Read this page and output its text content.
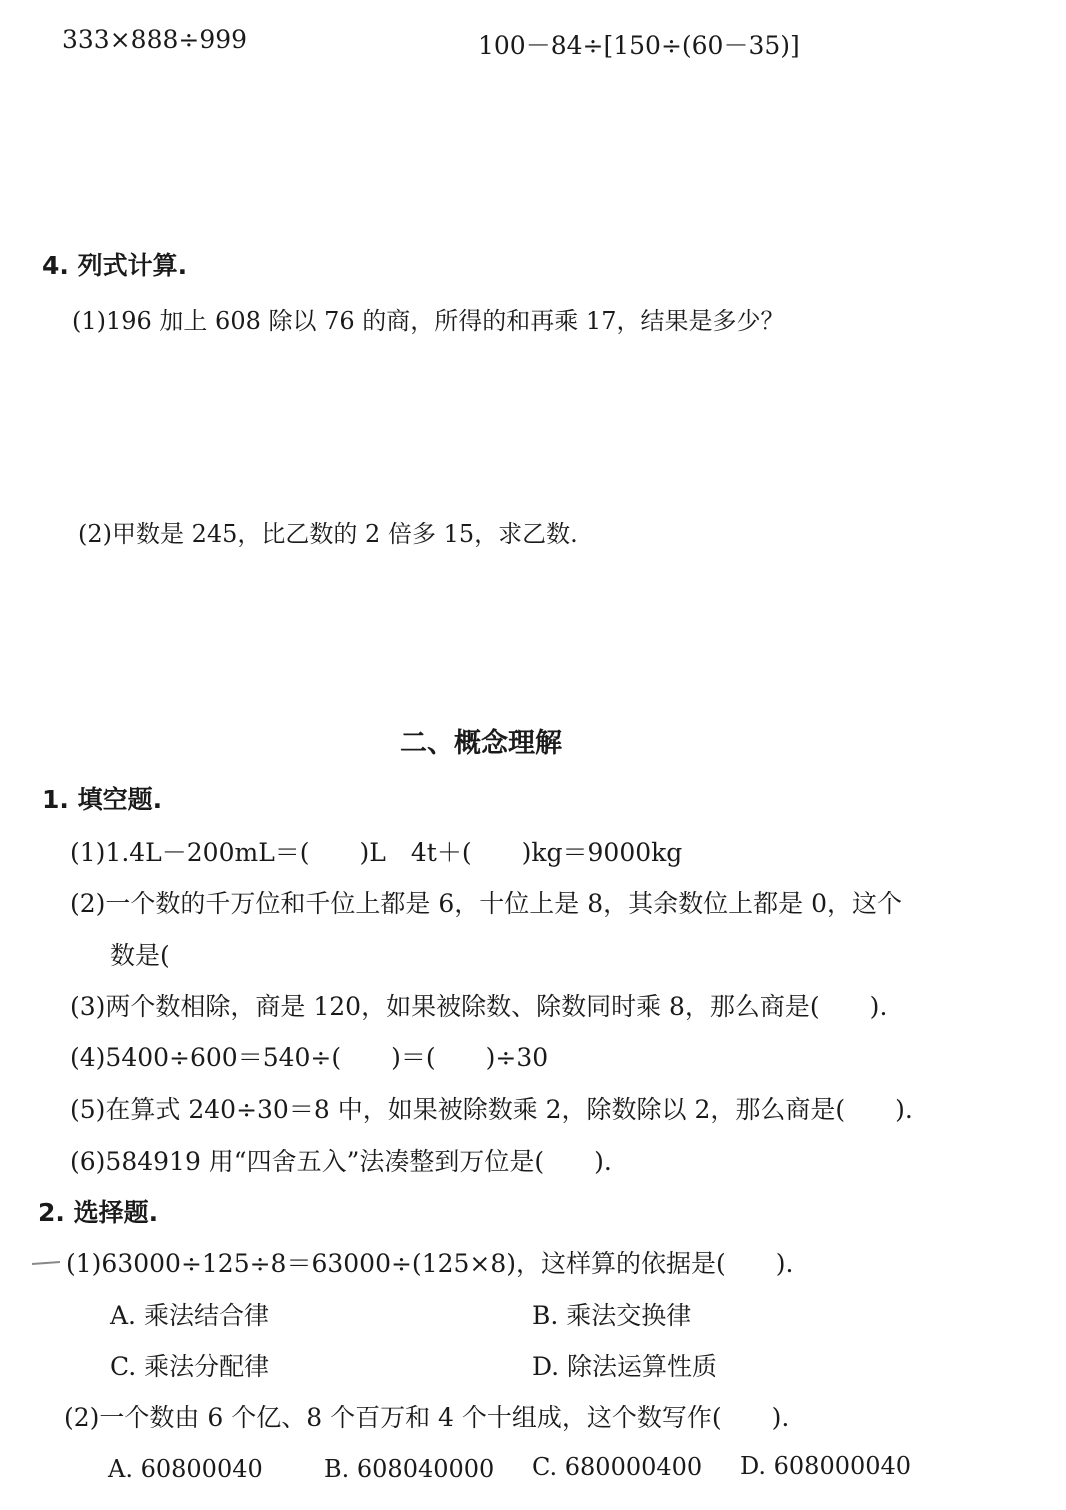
333×888÷999	100－84÷[150÷(60－35)]
4. 列式计算.
(1)196 加上 608 除以 76 的商，所得的和再乘 17，结果是多少？
(2)甲数是 245，比乙数的 2 倍多 15，求乙数.
二、概念理解
1. 填空题.
(1)1.4L－200mL＝(　　)L　4t＋(　　)kg＝9000kg
(2)一个数的千万位和千位上都是 6，十位上是 8，其余数位上都是 0，这个
数是(
(3)两个数相除，商是 120，如果被除数、除数同时乘 8，那么商是(　　).
(4)5400÷600＝540÷(　　)＝(　　)÷30
(5)在算式 240÷30＝8 中，如果被除数乘 2，除数除以 2，那么商是(　　).
(6)584919 用“四舍五入”法凑整到万位是(　　).
2. 选择题.
(1)63000÷125÷8＝63000÷(125×8)，这样算的依据是(　　).
A. 乘法结合律	B. 乘法交换律
C. 乘法分配律	D. 除法运算性质
(2)一个数由 6 个亿、8 个百万和 4 个十组成，这个数写作(　　).
A. 60800040	B. 608040000 C. 680000400 D. 608000040
